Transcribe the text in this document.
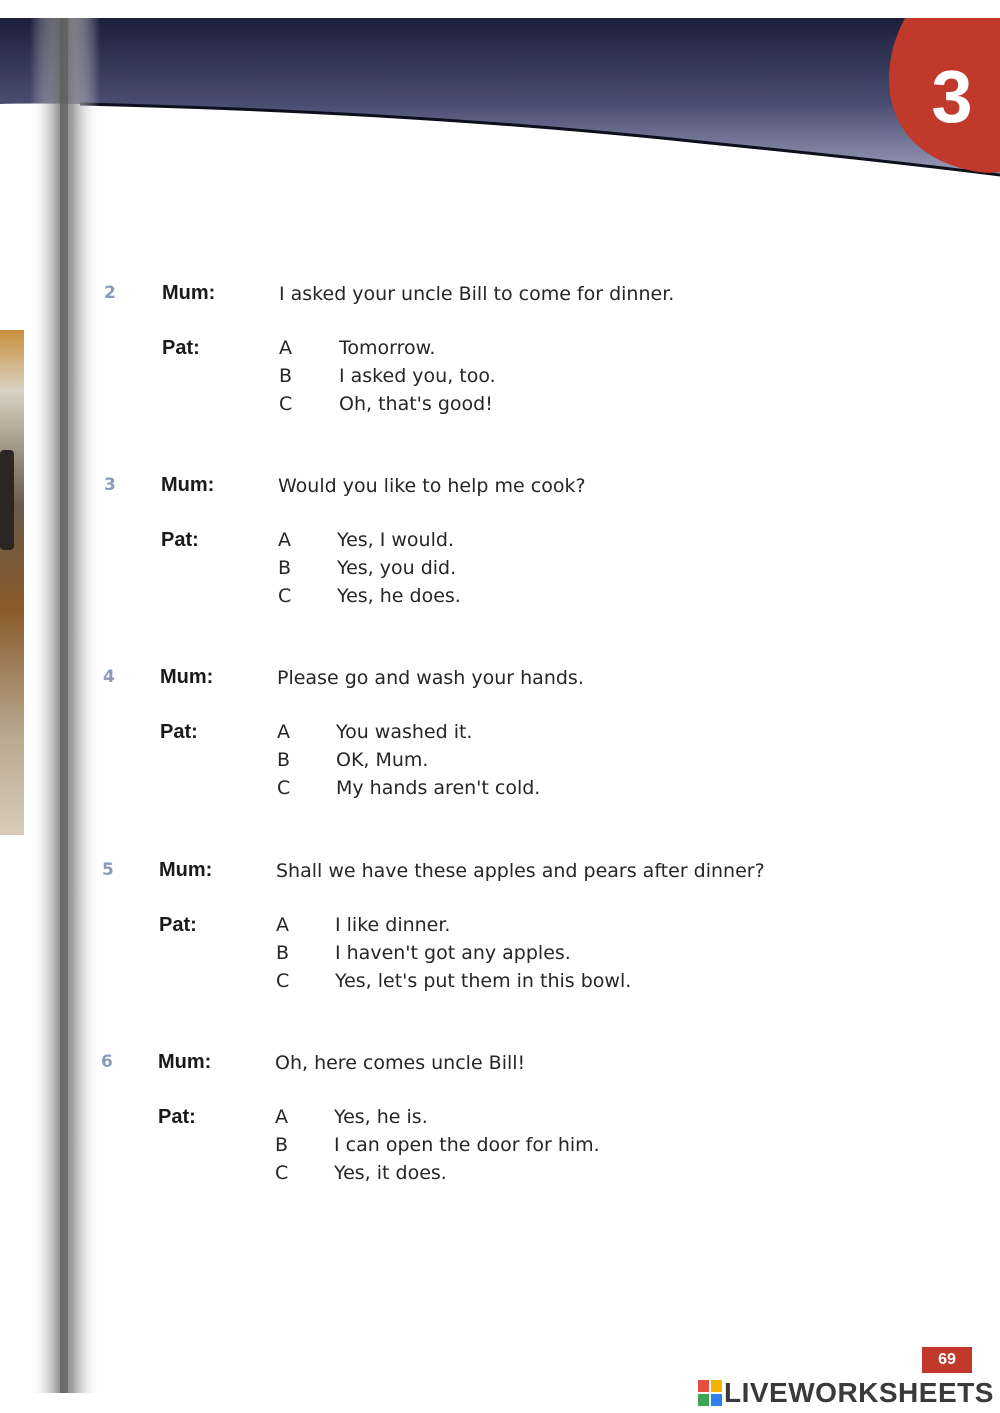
3
2 Mum:	I asked your uncle Bill to come for dinner.
Pat:	A Tomorrow.
B I asked you, too.
C Oh, that's good!
3 Mum:	Would you like to help me cook?
Pat:	A Yes, I would.
B Yes, you did.
C Yes, he does.
4 Mum:	Please go and wash your hands.
Pat:	A You washed it.
B OK, Mum.
C My hands aren't cold.
5 Mum:	Shall we have these apples and pears after dinner?
Pat:	A I like dinner.
B I haven't got any apples.
C Yes, let's put them in this bowl.
6 Mum:	Oh, here comes uncle Bill!
Pat:	A Yes, he is.
B I can open the door for him.
C Yes, it does.
69
LIVEWORKSHEETS
